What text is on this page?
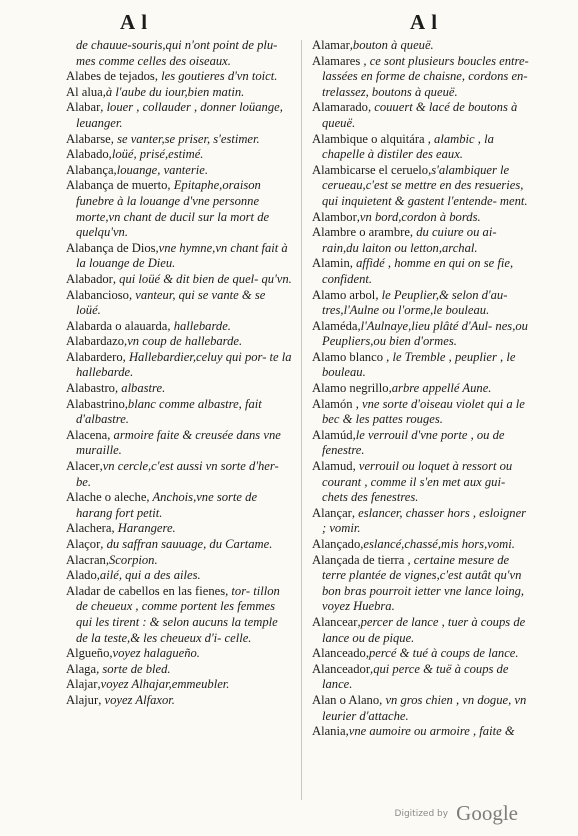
A l	A l

de chauue-souris,qui n'ont point de plu- mes comme celles des oiseaux.

Alabes de tejados, les goutieres d'vn toict.

Al alua,à l'aube du iour,bien matin.

Alabar, louer , collauder , donner loüange, leuanger.

Alabarse, se vanter,se priser, s'estimer.

Alabado,loüé, prisé,estimé.

Alabança,louange, vanterie.

Alabança de muerto, Epitaphe,oraison funebre à la louange d'vne personne morte,vn chant de ducil sur la mort de quelqu'vn.

Alabança de Dios,vne hymne,vn chant fait à la louange de Dieu.

Alabador, qui loüé & dit bien de quel- qu'vn.

Alabancioso, vanteur, qui se vante & se loüé.

Alabarda o alauarda, hallebarde.

Alabardazo,vn coup de hallebarde.

Alabardero, Hallebardier,celuy qui por- te la hallebarde.

Alabastro, albastre.

Alabastrino,blanc comme albastre, fait d'albastre.

Alacena, armoire faite & creusée dans vne muraille.

Alacer,vn cercle,c'est aussi vn sorte d'her- be.

Alache o aleche, Anchois,vne sorte de harang fort petit.

Alachera, Harangere.

Alaçor, du saffran sauuage, du Cartame.

Alacran,Scorpion.

Alado,ailé, qui a des ailes.

Aladar de cabellos en las fienes, tor- tillon de cheueux , comme portent les femmes qui les tirent : & selon aucuns la temple de la teste,& les cheueux d'i- celle.

Algueño,voyez halagueño.

Alaga, sorte de bled.

Alajar,voyez Alhajar,emmeubler.

Alajur, voyez Alfaxor.

Alamar,bouton à queuë.

Alamares , ce sont plusieurs boucles entre- lassées en forme de chaisne, cordons en- trelassez, boutons à queuë.

Alamarado, couuert & lacé de boutons à queuë.

Alambique o alquitára , alambic , la chapelle à distiler des eaux.

Alambicarse el ceruelo,s'alambiquer le cerueau,c'est se mettre en des resueries, qui inquietent & gastent l'entende- ment.

Alambor,vn bord,cordon à bords.

Alambre o arambre, du cuiure ou ai- rain,du laiton ou letton,archal.

Alamin, affidé , homme en qui on se fie, confident.

Alamo arbol, le Peuplier,& selon d'au- tres,l'Aulne ou l'orme,le bouleau.

Alaméda,l'Aulnaye,lieu plâté d'Aul- nes,ou Peupliers,ou bien d'ormes.

Alamo blanco , le Tremble , peuplier , le bouleau.

Alamo negrillo,arbre appellé Aune.

Alamón , vne sorte d'oiseau violet qui a le bec & les pattes rouges.

Alamúd,le verrouil d'vne porte , ou de fenestre.

Alamud, verrouil ou loquet à ressort ou courant , comme il s'en met aux gui- chets des fenestres.

Alançar, eslancer, chasser hors , esloigner ; vomir.

Alançado,eslancé,chassé,mis hors,vomi.

Alançada de tierra , certaine mesure de terre plantée de vignes,c'est autât qu'vn bon bras pourroit ietter vne lance loing, voyez Huebra.

Alancear,percer de lance , tuer à coups de lance ou de pique.

Alanceado,percé & tué à coups de lance.

Alanceador,qui perce & tuë à coups de lance.

Alan o Alano, vn gros chien , vn dogue, vn leurier d'attache.

Alania,vne aumoire ou armoire , faite &

Digitized by Google
